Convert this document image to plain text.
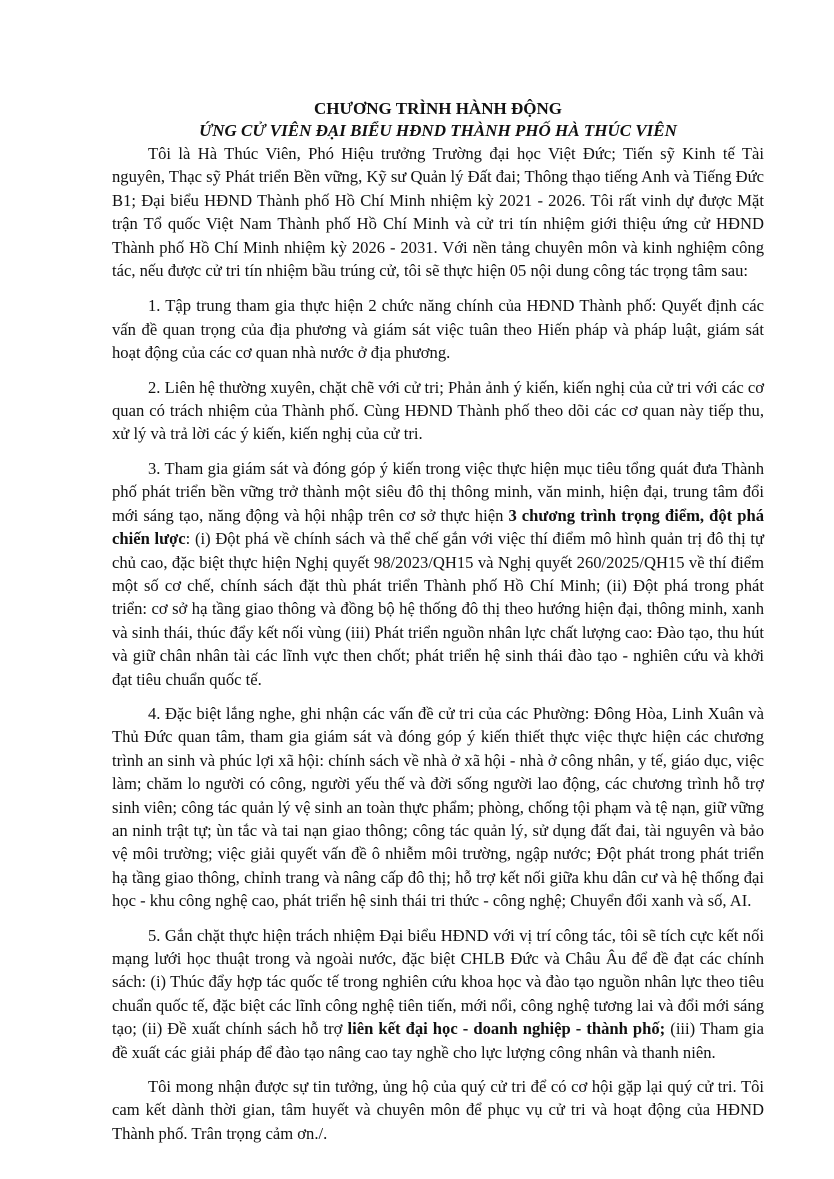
CHƯƠNG TRÌNH HÀNH ĐỘNG
ỨNG CỬ VIÊN ĐẠI BIỂU HĐND THÀNH PHỐ HÀ THÚC VIÊN

Tôi là Hà Thúc Viên, Phó Hiệu trưởng Trường đại học Việt Đức; Tiến sỹ Kinh tế Tài nguyên, Thạc sỹ Phát triển Bền vững, Kỹ sư Quản lý Đất đai; Thông thạo tiếng Anh và Tiếng Đức B1; Đại biểu HĐND Thành phố Hồ Chí Minh nhiệm kỳ 2021 - 2026. Tôi rất vinh dự được Mặt trận Tổ quốc Việt Nam Thành phố Hồ Chí Minh và cử tri tín nhiệm giới thiệu ứng cử HĐND Thành phố Hồ Chí Minh nhiệm kỳ 2026 - 2031. Với nền tảng chuyên môn và kinh nghiệm công tác, nếu được cử tri tín nhiệm bầu trúng cử, tôi sẽ thực hiện 05 nội dung công tác trọng tâm sau:

1. Tập trung tham gia thực hiện 2 chức năng chính của HĐND Thành phố: Quyết định các vấn đề quan trọng của địa phương và giám sát việc tuân theo Hiến pháp và pháp luật, giám sát hoạt động của các cơ quan nhà nước ở địa phương.

2. Liên hệ thường xuyên, chặt chẽ với cử tri; Phản ảnh ý kiến, kiến nghị của cử tri với các cơ quan có trách nhiệm của Thành phố. Cùng HĐND Thành phố theo dõi các cơ quan này tiếp thu, xử lý và trả lời các ý kiến, kiến nghị của cử tri.

3. Tham gia giám sát và đóng góp ý kiến trong việc thực hiện mục tiêu tổng quát đưa Thành phố phát triển bền vững trở thành một siêu đô thị thông minh, văn minh, hiện đại, trung tâm đổi mới sáng tạo, năng động và hội nhập trên cơ sở thực hiện 3 chương trình trọng điểm, đột phá chiến lược: (i) Đột phá về chính sách và thể chế gắn với việc thí điểm mô hình quản trị đô thị tự chủ cao, đặc biệt thực hiện Nghị quyết 98/2023/QH15 và Nghị quyết 260/2025/QH15 về thí điểm một số cơ chế, chính sách đặt thù phát triển Thành phố Hồ Chí Minh; (ii) Đột phá trong phát triển: cơ sở hạ tầng giao thông và đồng bộ hệ thống đô thị theo hướng hiện đại, thông minh, xanh và sinh thái, thúc đẩy kết nối vùng (iii) Phát triển nguồn nhân lực chất lượng cao: Đào tạo, thu hút và giữ chân nhân tài các lĩnh vực then chốt; phát triển hệ sinh thái đào tạo - nghiên cứu và khởi đạt tiêu chuẩn quốc tế.

4. Đặc biệt lắng nghe, ghi nhận các vấn đề cử tri của các Phường: Đông Hòa, Linh Xuân và Thủ Đức quan tâm, tham gia giám sát và đóng góp ý kiến thiết thực việc thực hiện các chương trình an sinh và phúc lợi xã hội: chính sách về nhà ở xã hội - nhà ở công nhân, y tế, giáo dục, việc làm; chăm lo người có công, người yếu thế và đời sống người lao động, các chương trình hỗ trợ sinh viên; công tác quản lý vệ sinh an toàn thực phẩm; phòng, chống tội phạm và tệ nạn, giữ vững an ninh trật tự; ùn tắc và tai nạn giao thông; công tác quản lý, sử dụng đất đai, tài nguyên và bảo vệ môi trường; việc giải quyết vấn đề ô nhiễm môi trường, ngập nước; Đột phát trong phát triển hạ tầng giao thông, chỉnh trang và nâng cấp đô thị; hỗ trợ kết nối giữa khu dân cư và hệ thống đại học - khu công nghệ cao, phát triển hệ sinh thái tri thức - công nghệ; Chuyển đổi xanh và số, AI.

5. Gắn chặt thực hiện trách nhiệm Đại biểu HĐND với vị trí công tác, tôi sẽ tích cực kết nối mạng lưới học thuật trong và ngoài nước, đặc biệt CHLB Đức và Châu Âu để đề đạt các chính sách: (i) Thúc đẩy hợp tác quốc tế trong nghiên cứu khoa học và đào tạo nguồn nhân lực theo tiêu chuẩn quốc tế, đặc biệt các lĩnh công nghệ tiên tiến, mới nổi, công nghệ tương lai và đổi mới sáng tạo; (ii) Đề xuất chính sách hỗ trợ liên kết đại học - doanh nghiệp - thành phố; (iii) Tham gia đề xuất các giải pháp để đào tạo nâng cao tay nghề cho lực lượng công nhân và thanh niên.

Tôi mong nhận được sự tin tưởng, ủng hộ của quý cử tri để có cơ hội gặp lại quý cử tri. Tôi cam kết dành thời gian, tâm huyết và chuyên môn để phục vụ cử tri và hoạt động của HĐND Thành phố. Trân trọng cảm ơn./.
